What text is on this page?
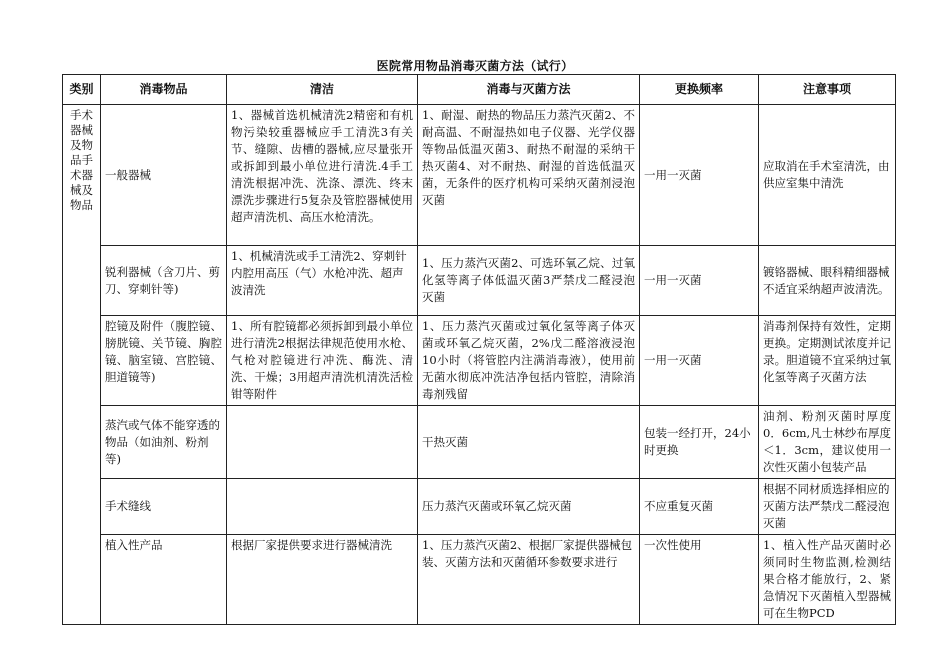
医院常用物品消毒灭菌方法（试行）
类别	消毒物品	清洁	消毒与灭菌方法	更换频率	注意事项
手术器械及物品手术器械及物品	一般器械	1、器械首选机械清洗2精密和有机物污染较重器械应手工清洗3有关节、缝隙、齿槽的器械,应尽量张开或拆卸到最小单位进行清洗.4手工清洗根据冲洗、洗涤、漂洗、终末漂洗步骤进行5复杂及管腔器械使用超声清洗机、高压水枪清洗。	1、耐湿、耐热的物品压力蒸汽灭菌2、不耐高温、不耐湿热如电子仪器、光学仪器等物品低温灭菌3、耐热不耐湿的采纳干热灭菌4、对不耐热、耐湿的首选低温灭菌，无条件的医疗机构可采纳灭菌剂浸泡灭菌	一用一灭菌	应取消在手术室清洗，由供应室集中清洗
	锐利器械（含刀片、剪刀、穿刺针等)	1、机械清洗或手工清洗2、穿刺针内腔用高压（气）水枪冲洗、超声波清洗	1、压力蒸汽灭菌2、可选环氧乙烷、过氧化氢等离子体低温灭菌3严禁戊二醛浸泡灭菌	一用一灭菌	镀铬器械、眼科精细器械不适宜采纳超声波清洗。
	腔镜及附件（腹腔镜、膀胱镜、关节镜、胸腔镜、脑室镜、宫腔镜、胆道镜等)	1、所有腔镜都必须拆卸到最小单位进行清洗2根据法律规范使用水枪、气枪对腔镜进行冲洗、酶洗、清洗、干燥；3用超声清洗机清洗活检钳等附件	1、压力蒸汽灭菌或过氧化氢等离子体灭菌或环氧乙烷灭菌，2%戊二醛溶液浸泡10小时（将管腔内注满消毒液），使用前无菌水彻底冲洗洁净包括内管腔，清除消毒剂残留	一用一灭菌	消毒剂保持有效性，定期更换。定期测试浓度并记录。胆道镜不宜采纳过氧化氢等离子灭菌方法
	蒸汽或气体不能穿透的物品（如油剂、粉剂等)		干热灭菌	包装一经打开，24小时更换	油剂、粉剂灭菌时厚度0．6cm,凡士林纱布厚度＜1．3cm，建议使用一次性灭菌小包装产品
	手术缝线		压力蒸汽灭菌或环氧乙烷灭菌	不应重复灭菌	根据不同材质选择相应的灭菌方法严禁戊二醛浸泡灭菌
	植入性产品	根据厂家提供要求进行器械清洗	1、压力蒸汽灭菌2、根据厂家提供器械包装、灭菌方法和灭菌循环参数要求进行	一次性使用	1、植入性产品灭菌时必须同时生物监测,检测结果合格才能放行，2、紧急情况下灭菌植入型器械可在生物PCD
